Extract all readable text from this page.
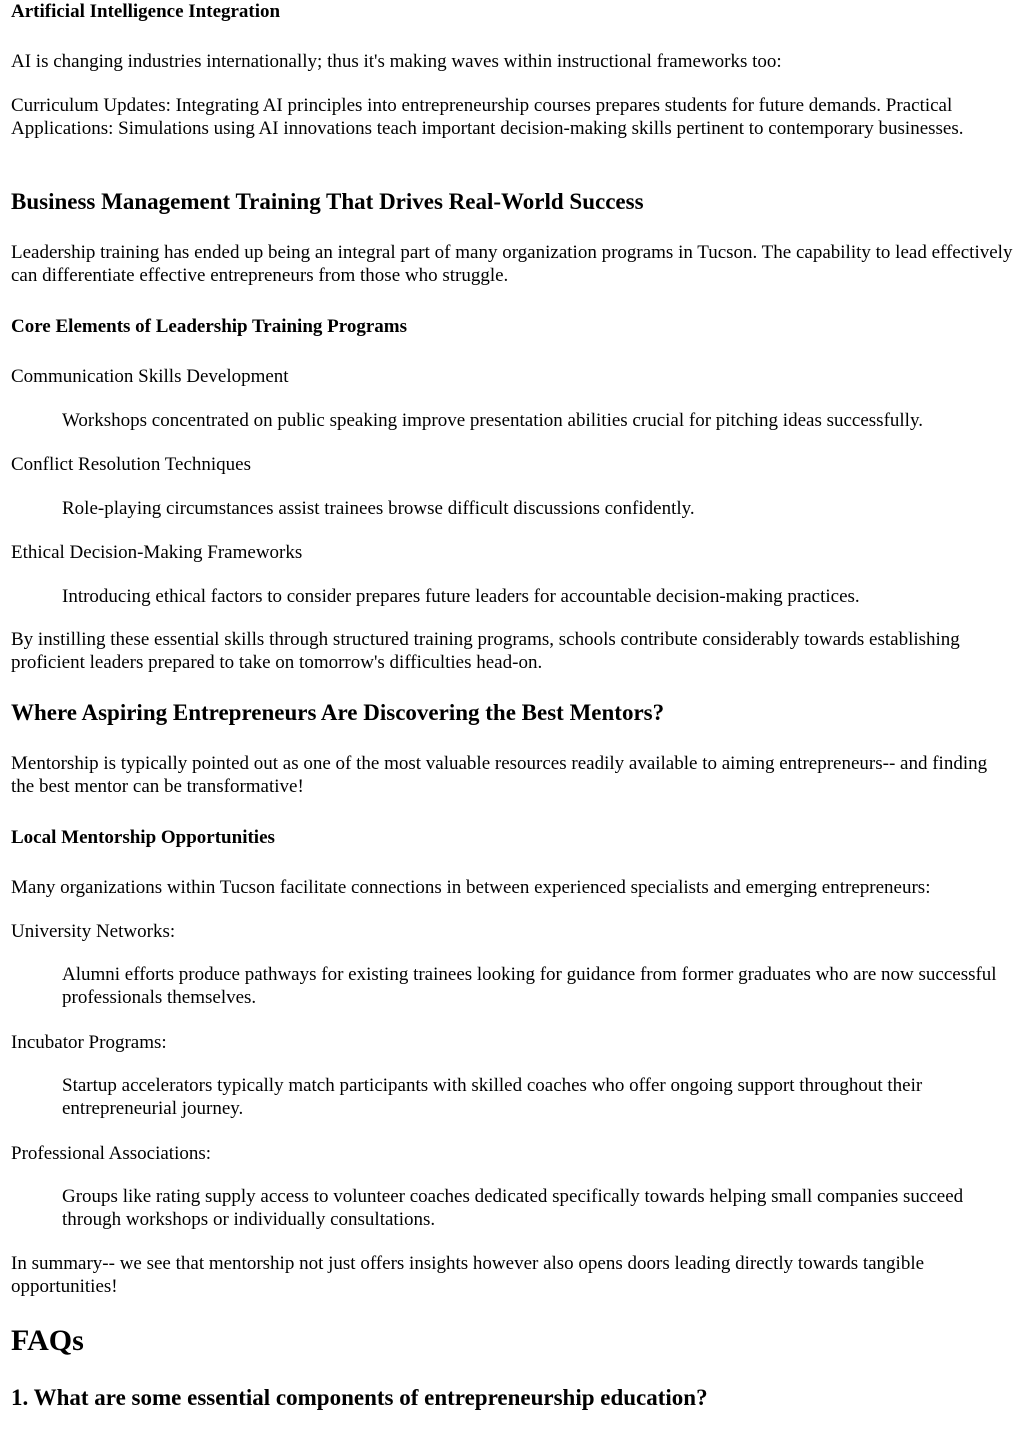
Artificial Intelligence Integration

AI is changing industries internationally; thus it's making waves within instructional frameworks too:

Curriculum Updates: Integrating AI principles into entrepreneurship courses prepares students for future demands. Practical Applications: Simulations using AI innovations teach important decision-making skills pertinent to contemporary businesses.

Business Management Training That Drives Real-World Success

Leadership training has ended up being an integral part of many organization programs in Tucson. The capability to lead effectively can differentiate effective entrepreneurs from those who struggle.

Core Elements of Leadership Training Programs

Communication Skills Development

Workshops concentrated on public speaking improve presentation abilities crucial for pitching ideas successfully.

Conflict Resolution Techniques

Role-playing circumstances assist trainees browse difficult discussions confidently.

Ethical Decision-Making Frameworks

Introducing ethical factors to consider prepares future leaders for accountable decision-making practices.

By instilling these essential skills through structured training programs, schools contribute considerably towards establishing proficient leaders prepared to take on tomorrow's difficulties head-on.

Where Aspiring Entrepreneurs Are Discovering the Best Mentors?

Mentorship is typically pointed out as one of the most valuable resources readily available to aiming entrepreneurs-- and finding the best mentor can be transformative!

Local Mentorship Opportunities

Many organizations within Tucson facilitate connections in between experienced specialists and emerging entrepreneurs:

University Networks:

Alumni efforts produce pathways for existing trainees looking for guidance from former graduates who are now successful professionals themselves.

Incubator Programs:

Startup accelerators typically match participants with skilled coaches who offer ongoing support throughout their entrepreneurial journey.

Professional Associations:

Groups like rating supply access to volunteer coaches dedicated specifically towards helping small companies succeed through workshops or individually consultations.

In summary-- we see that mentorship not just offers insights however also opens doors leading directly towards tangible opportunities!

FAQs
1. What are some essential components of entrepreneurship education?
